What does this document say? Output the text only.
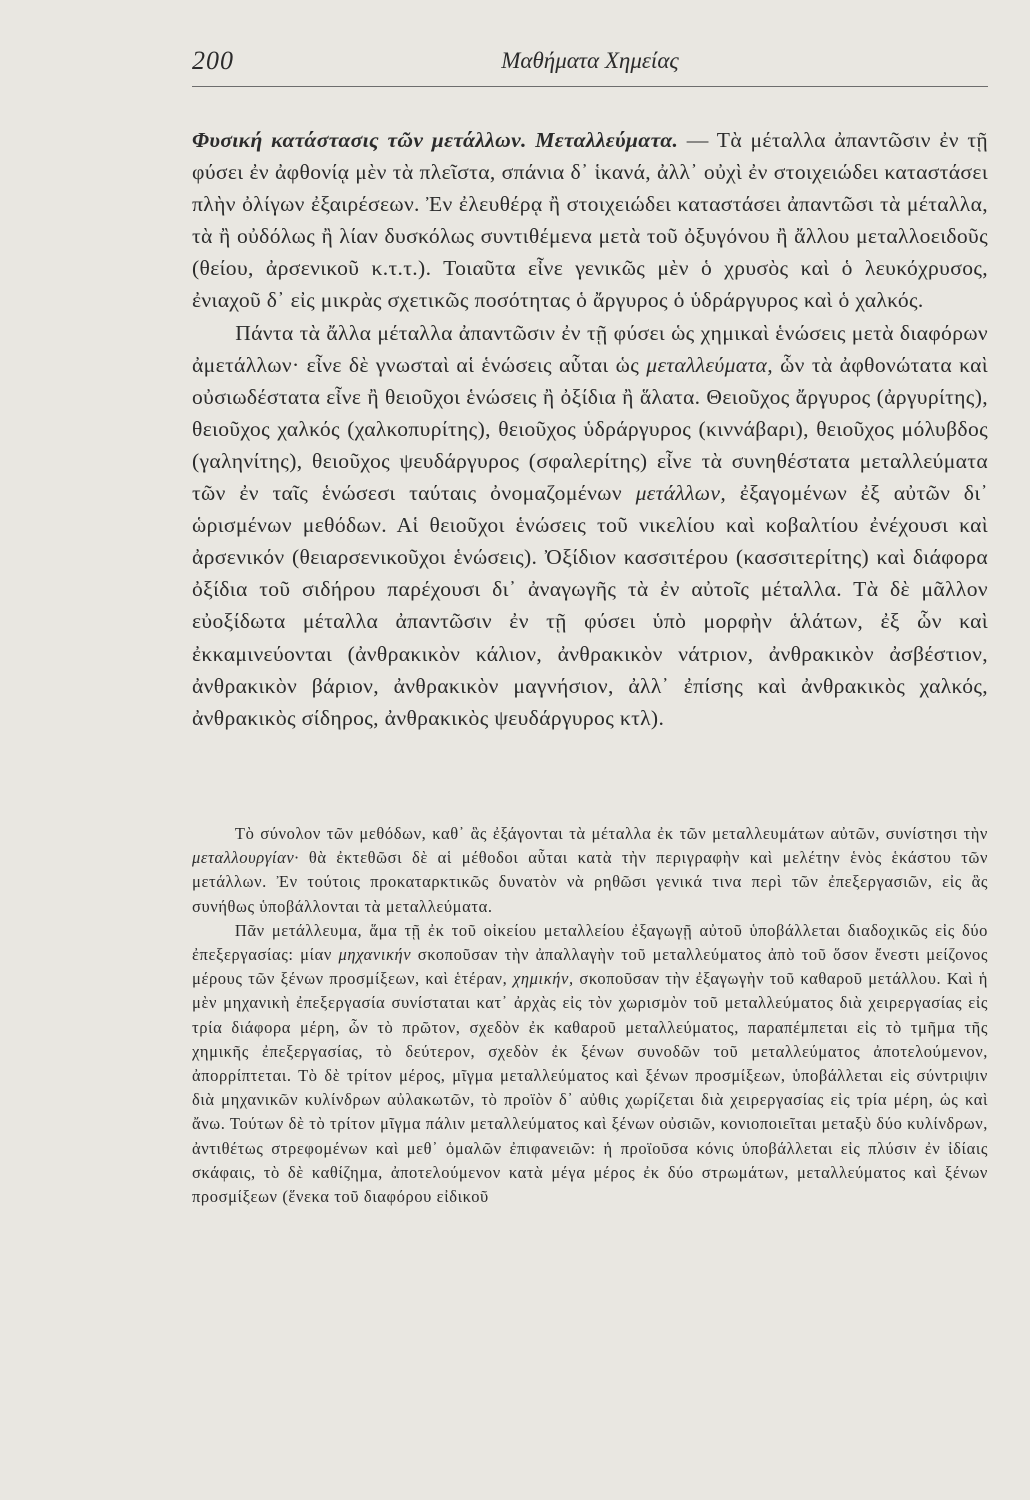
200	Μαθήματα Χημείας

Φυσική κατάστασις τῶν μετάλλων. Μεταλλεύματα. — Τὰ μέταλλα ἀπαντῶσιν ἐν τῇ φύσει ἐν ἀφθονίᾳ μὲν τὰ πλεῖστα, σπάνια δ᾽ ἱκανά, ἀλλ᾽ οὐχὶ ἐν στοιχειώδει καταστάσει πλὴν ὀλίγων ἐξαιρέσεων. Ἐν ἐλευθέρᾳ ἢ στοιχειώδει καταστάσει ἀπαντῶσι τὰ μέταλλα, τὰ ἢ οὐδόλως ἢ λίαν δυσκόλως συντιθέμενα μετὰ τοῦ ὀξυγόνου ἢ ἄλλου μεταλλοειδοῦς (θείου, ἀρσενικοῦ κ.τ.τ.). Τοιαῦτα εἶνε γενικῶς μὲν ὁ χρυσὸς καὶ ὁ λευκόχρυσος, ἐνιαχοῦ δ᾽ εἰς μικρὰς σχετικῶς ποσότητας ὁ ἄργυρος ὁ ὑδράργυρος καὶ ὁ χαλκός.

Πάντα τὰ ἄλλα μέταλλα ἀπαντῶσιν ἐν τῇ φύσει ὡς χημικαὶ ἑνώσεις μετὰ διαφόρων ἀμετάλλων· εἶνε δὲ γνωσταὶ αἱ ἑνώσεις αὗται ὡς μεταλλεύματα, ὧν τὰ ἀφθονώτατα καὶ οὐσιωδέστατα εἶνε ἢ θειοῦχοι ἑνώσεις ἢ ὀξίδια ἢ ἅλατα. Θειοῦχος ἄργυρος (ἀργυρίτης), θειοῦχος χαλκός (χαλκοπυρίτης), θειοῦχος ὑδράργυρος (κιννάβαρι), θειοῦχος μόλυβδος (γαληνίτης), θειοῦχος ψευδάργυρος (σφαλερίτης) εἶνε τὰ συνηθέστατα μεταλλεύματα τῶν ἐν ταῖς ἑνώσεσι ταύταις ὀνομαζομένων μετάλλων, ἐξαγομένων ἐξ αὐτῶν δι᾽ ὡρισμένων μεθόδων. Αἱ θειοῦχοι ἑνώσεις τοῦ νικελίου καὶ κοβαλτίου ἐνέχουσι καὶ ἀρσενικόν (θειαρσενικοῦχοι ἑνώσεις). Ὀξίδιον κασσιτέρου (κασσιτερίτης) καὶ διάφορα ὀξίδια τοῦ σιδήρου παρέχουσι δι᾽ ἀναγωγῆς τὰ ἐν αὐτοῖς μέταλλα. Τὰ δὲ μᾶλλον εὐοξίδωτα μέταλλα ἀπαντῶσιν ἐν τῇ φύσει ὑπὸ μορφὴν ἁλάτων, ἐξ ὧν καὶ ἐκκαμινεύονται (ἀνθρακικὸν κάλιον, ἀνθρακικὸν νάτριον, ἀνθρακικὸν ἀσβέστιον, ἀνθρακικὸν βάριον, ἀνθρακικὸν μαγνήσιον, ἀλλ᾽ ἐπίσης καὶ ἀνθρακικὸς χαλκός, ἀνθρακικὸς σίδηρος, ἀνθρακικὸς ψευδάργυρος κτλ).

Τὸ σύνολον τῶν μεθόδων, καθ᾽ ἃς ἐξάγονται τὰ μέταλλα ἐκ τῶν μεταλλευμάτων αὐτῶν, συνίστησι τὴν μεταλλουργίαν· θὰ ἐκτεθῶσι δὲ αἱ μέθοδοι αὗται κατὰ τὴν περιγραφὴν καὶ μελέτην ἑνὸς ἑκάστου τῶν μετάλλων. Ἐν τούτοις προκαταρκτικῶς δυνατὸν νὰ ρηθῶσι γενικά τινα περὶ τῶν ἐπεξεργασιῶν, εἰς ἃς συνήθως ὑποβάλλονται τὰ μεταλλεύματα.

Πᾶν μετάλλευμα, ἅμα τῇ ἐκ τοῦ οἰκείου μεταλλείου ἐξαγωγῇ αὐτοῦ ὑποβάλλεται διαδοχικῶς εἰς δύο ἐπεξεργασίας: μίαν μηχανικήν σκοποῦσαν τὴν ἀπαλλαγὴν τοῦ μεταλλεύματος ἀπὸ τοῦ ὅσον ἔνεστι μείζονος μέρους τῶν ξένων προσμίξεων, καὶ ἑτέραν, χημικήν, σκοποῦσαν τὴν ἐξαγωγὴν τοῦ καθαροῦ μετάλλου. Καὶ ἡ μὲν μηχανικὴ ἐπεξεργασία συνίσταται κατ᾽ ἀρχὰς εἰς τὸν χωρισμὸν τοῦ μεταλλεύματος διὰ χειρεργασίας εἰς τρία διάφορα μέρη, ὧν τὸ πρῶτον, σχεδὸν ἐκ καθαροῦ μεταλλεύματος, παραπέμπεται εἰς τὸ τμῆμα τῆς χημικῆς ἐπεξεργασίας, τὸ δεύτερον, σχεδὸν ἐκ ξένων συνοδῶν τοῦ μεταλλεύματος ἀποτελούμενον, ἀπορρίπτεται. Τὸ δὲ τρίτον μέρος, μῖγμα μεταλλεύματος καὶ ξένων προσμίξεων, ὑποβάλλεται εἰς σύντριψιν διὰ μηχανικῶν κυλίνδρων αὐλακωτῶν, τὸ προϊὸν δ᾽ αὐθις χωρίζεται διὰ χειρεργασίας εἰς τρία μέρη, ὡς καὶ ἄνω. Τούτων δὲ τὸ τρίτον μῖγμα πάλιν μεταλλεύματος καὶ ξένων οὐσιῶν, κονιοποιεῖται μεταξὺ δύο κυλίνδρων, ἀντιθέτως στρεφομένων καὶ μεθ᾽ ὁμαλῶν ἐπιφανειῶν: ἡ προϊοῦσα κόνις ὑποβάλλεται εἰς πλύσιν ἐν ἰδίαις σκάφαις, τὸ δὲ καθίζημα, ἀποτελούμενον κατὰ μέγα μέρος ἐκ δύο στρωμάτων, μεταλλεύματος καὶ ξένων προσμίξεων (ἕνεκα τοῦ διαφόρου εἰδικοῦ
